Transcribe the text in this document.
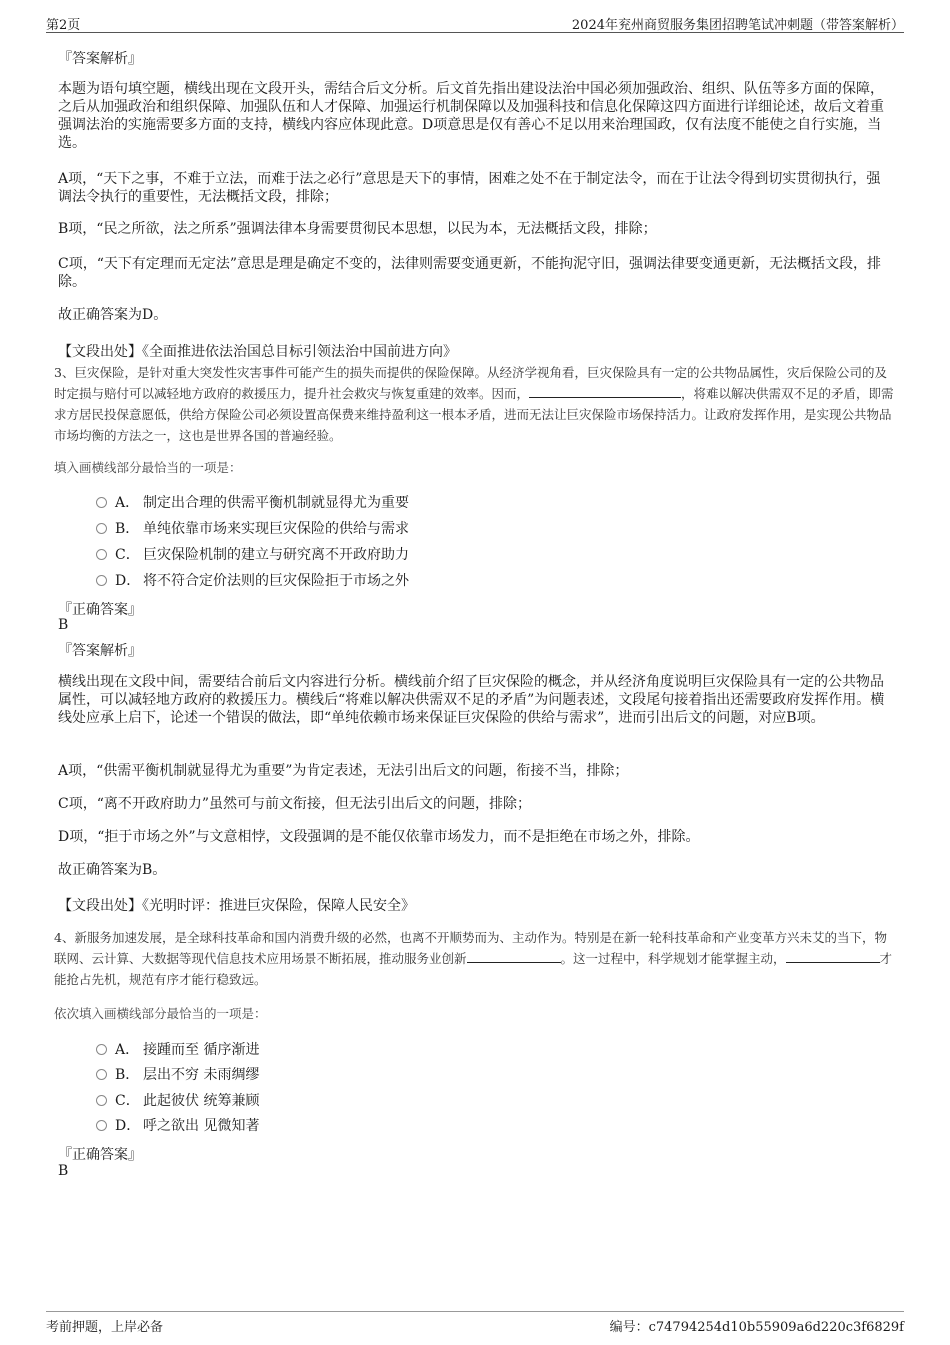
第2页	2024年兖州商贸服务集团招聘笔试冲刺题（带答案解析）
『答案解析』
本题为语句填空题，横线出现在文段开头，需结合后文分析。后文首先指出建设法治中国必须加强政治、组织、队伍等多方面的保障，之后从加强政治和组织保障、加强队伍和人才保障、加强运行机制保障以及加强科技和信息化保障这四方面进行详细论述，故后文着重强调法治的实施需要多方面的支持，横线内容应体现此意。D项意思是仅有善心不足以用来治理国政，仅有法度不能使之自行实施，当选。
A项，“天下之事，不难于立法，而难于法之必行”意思是天下的事情，困难之处不在于制定法令，而在于让法令得到切实贯彻执行，强调法令执行的重要性，无法概括文段，排除；
B项，“民之所欲，法之所系”强调法律本身需要贯彻民本思想，以民为本，无法概括文段，排除；
C项，“天下有定理而无定法”意思是理是确定不变的，法律则需要变通更新，不能拘泥守旧，强调法律要变通更新，无法概括文段，排除。
故正确答案为D。
【文段出处】《全面推进依法治国总目标引领法治中国前进方向》
3、巨灾保险，是针对重大突发性灾害事件可能产生的损失而提供的保险保障。从经济学视角看，巨灾保险具有一定的公共物品属性，灾后保险公司的及时定损与赔付可以减轻地方政府的救援压力，提升社会救灾与恢复重建的效率。因而，	，将难以解决供需双不足的矛盾，即需求方居民投保意愿低，供给方保险公司必须设置高保费来维持盈利这一根本矛盾，进而无法让巨灾保险市场保持活力。让政府发挥作用，是实现公共物品市场均衡的方法之一，这也是世界各国的普遍经验。
填入画横线部分最恰当的一项是：
A． 制定出合理的供需平衡机制就显得尤为重要
B． 单纯依靠市场来实现巨灾保险的供给与需求
C． 巨灾保险机制的建立与研究离不开政府助力
D． 将不符合定价法则的巨灾保险拒于市场之外
『正确答案』
B
『答案解析』
横线出现在文段中间，需要结合前后文内容进行分析。横线前介绍了巨灾保险的概念，并从经济角度说明巨灾保险具有一定的公共物品属性，可以减轻地方政府的救援压力。横线后“将难以解决供需双不足的矛盾”为问题表述，文段尾句接着指出还需要政府发挥作用。横线处应承上启下，论述一个错误的做法，即“单纯依赖市场来保证巨灾保险的供给与需求”，进而引出后文的问题，对应B项。
A项，“供需平衡机制就显得尤为重要”为肯定表述，无法引出后文的问题，衔接不当，排除；
C项，“离不开政府助力”虽然可与前文衔接，但无法引出后文的问题，排除；
D项，“拒于市场之外”与文意相悖，文段强调的是不能仅依靠市场发力，而不是拒绝在市场之外，排除。
故正确答案为B。
【文段出处】《光明时评：推进巨灾保险，保障人民安全》
4、新服务加速发展，是全球科技革命和国内消费升级的必然，也离不开顺势而为、主动作为。特别是在新一轮科技革命和产业变革方兴未艾的当下，物联网、云计算、大数据等现代信息技术应用场景不断拓展，推动服务业创新	。这一过程中，科学规划才能掌握主动，	才能抢占先机，规范有序才能行稳致远。
依次填入画横线部分最恰当的一项是：
A． 接踵而至 循序渐进
B． 层出不穷 未雨绸缪
C． 此起彼伏 统筹兼顾
D． 呼之欲出 见微知著
『正确答案』
B
考前押题，上岸必备	编号：c74794254d10b55909a6d220c3f6829f
